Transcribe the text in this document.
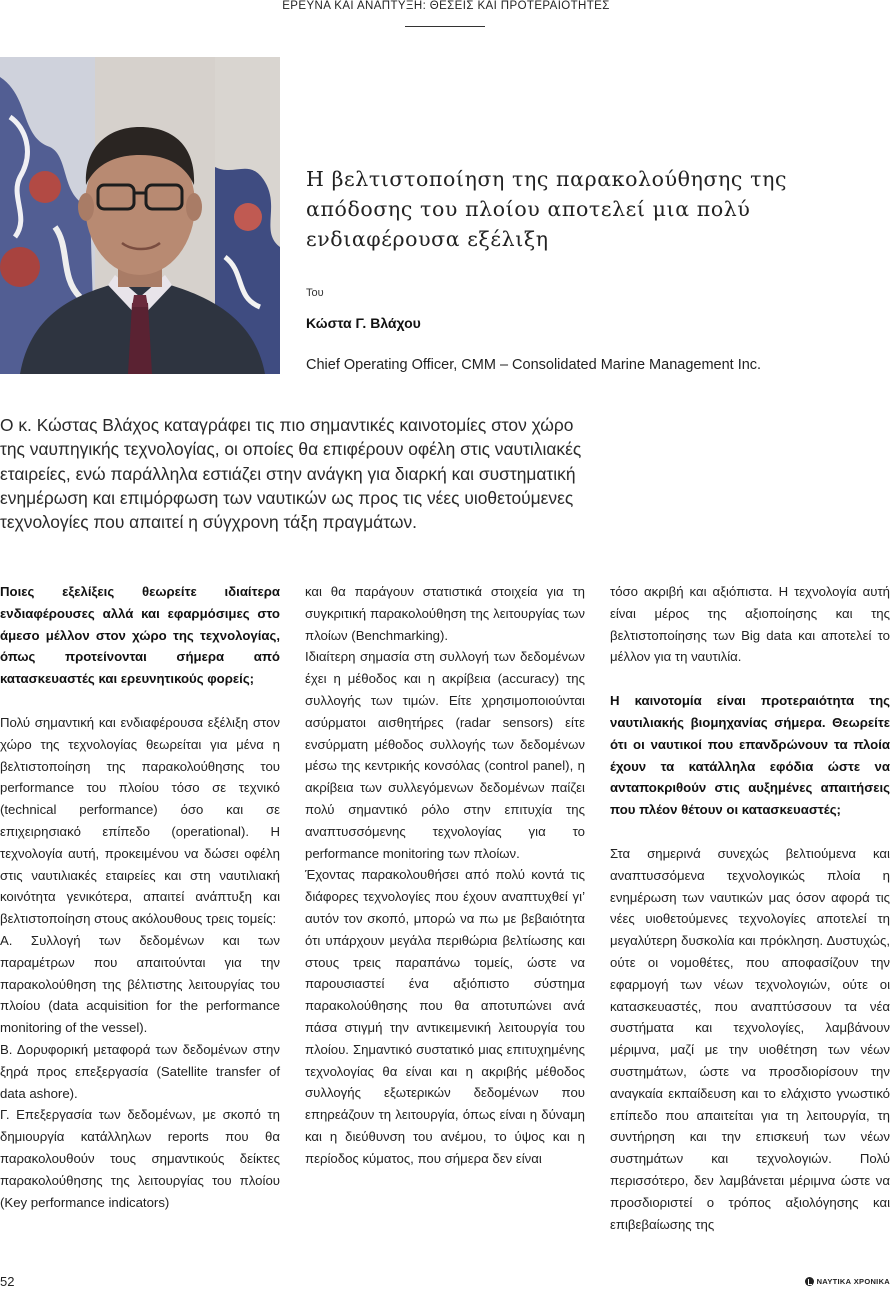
ΕΡΕΥΝΑ ΚΑΙ ΑΝΑΠΤΥΞΗ: ΘΕΣΕΙΣ ΚΑΙ ΠΡΟΤΕΡΑΙΟΤΗΤΕΣ
Η βελτιστοποίηση της παρακολούθησης της απόδοσης του πλοίου αποτελεί μια πολύ ενδιαφέρουσα εξέλιξη
Του
Κώστα Γ. Βλάχου
Chief Operating Officer, CMM – Consolidated Marine Management Inc.

Ο κ. Κώστας Βλάχος καταγράφει τις πιο σημαντικές καινοτομίες στον χώρο της ναυπηγικής τεχνολογίας, οι οποίες θα επιφέρουν οφέλη στις ναυτιλιακές εταιρείες, ενώ παράλληλα εστιάζει στην ανάγκη για διαρκή και συστηματική ενημέρωση και επιμόρφωση των ναυτικών ως προς τις νέες υιοθετούμενες τεχνολογίες που απαιτεί η σύγχρονη τάξη πραγμάτων.

Ποιες εξελίξεις θεωρείτε ιδιαίτερα ενδιαφέρουσες αλλά και εφαρμόσιμες στο άμεσο μέλλον στον χώρο της τεχνολογίας, όπως προτείνονται σήμερα από κατασκευαστές και ερευνητικούς φορείς;

Πολύ σημαντική και ενδιαφέρουσα εξέλιξη στον χώρο της τεχνολογίας θεωρείται για μένα η βελτιστοποίηση της παρακολούθησης του performance του πλοίου τόσο σε τεχνικό (technical performance) όσο και σε επιχειρησιακό επίπεδο (operational). Η τεχνολογία αυτή, προκειμένου να δώσει οφέλη στις ναυτιλιακές εταιρείες και στη ναυτιλιακή κοινότητα γενικότερα, απαιτεί ανάπτυξη και βελτιστοποίηση στους ακόλουθους τρεις τομείς:

Α. Συλλογή των δεδομένων και των παραμέτρων που απαιτούνται για την παρακολούθηση της βέλτιστης λειτουργίας του πλοίου (data acquisition for the performance monitoring of the vessel).

Β. Δορυφορική μεταφορά των δεδομένων στην ξηρά προς επεξεργασία (Satellite transfer of data ashore).

Γ. Επεξεργασία των δεδομένων, με σκοπό τη δημιουργία κατάλληλων reports που θα παρακολουθούν τους σημαντικούς δείκτες παρακολούθησης της λειτουργίας του πλοίου (Key performance indicators)

και θα παράγουν στατιστικά στοιχεία για τη συγκριτική παρακολούθηση της λειτουργίας των πλοίων (Benchmarking).

Ιδιαίτερη σημασία στη συλλογή των δεδομένων έχει η μέθοδος και η ακρίβεια (accuracy) της συλλογής των τιμών. Είτε χρησιμοποιούνται ασύρματοι αισθητήρες (radar sensors) είτε ενσύρματη μέθοδος συλλογής των δεδομένων μέσω της κεντρικής κονσόλας (control panel), η ακρίβεια των συλλεγόμενων δεδομένων παίζει πολύ σημαντικό ρόλο στην επιτυχία της αναπτυσσόμενης τεχνολογίας για το performance monitoring των πλοίων.

Έχοντας παρακολουθήσει από πολύ κοντά τις διάφορες τεχνολογίες που έχουν αναπτυχθεί γι’ αυτόν τον σκοπό, μπορώ να πω με βεβαιότητα ότι υπάρχουν μεγάλα περιθώρια βελτίωσης και στους τρεις παραπάνω τομείς, ώστε να παρουσιαστεί ένα αξιόπιστο σύστημα παρακολούθησης που θα αποτυπώνει ανά πάσα στιγμή την αντικειμενική λειτουργία του πλοίου. Σημαντικό συστατικό μιας επιτυχημένης τεχνολογίας θα είναι και η ακριβής μέθοδος συλλογής εξωτερικών δεδομένων που επηρεάζουν τη λειτουργία, όπως είναι η δύναμη και η διεύθυνση του ανέμου, το ύψος και η περίοδος κύματος, που σήμερα δεν είναι

τόσο ακριβή και αξιόπιστα. Η τεχνολογία αυτή είναι μέρος της αξιοποίησης και της βελτιστοποίησης των Big data και αποτελεί το μέλλον για τη ναυτιλία.

Η καινοτομία είναι προτεραιότητα της ναυτιλιακής βιομηχανίας σήμερα. Θεωρείτε ότι οι ναυτικοί που επανδρώνουν τα πλοία έχουν τα κατάλληλα εφόδια ώστε να ανταποκριθούν στις αυξημένες απαιτήσεις που πλέον θέτουν οι κατασκευαστές;

Στα σημερινά συνεχώς βελτιούμενα και αναπτυσσόμενα τεχνολογικώς πλοία η ενημέρωση των ναυτικών μας όσον αφορά τις νέες υιοθετούμενες τεχνολογίες αποτελεί τη μεγαλύτερη δυσκολία και πρόκληση. Δυστυχώς, ούτε οι νομοθέτες, που αποφασίζουν την εφαρμογή των νέων τεχνολογιών, ούτε οι κατασκευαστές, που αναπτύσσουν τα νέα συστήματα και τεχνολογίες, λαμβάνουν μέριμνα, μαζί με την υιοθέτηση των νέων συστημάτων, ώστε να προσδιορίσουν την αναγκαία εκπαίδευση και το ελάχιστο γνωστικό επίπεδο που απαιτείται για τη λειτουργία, τη συντήρηση και την επισκευή των νέων συστημάτων και τεχνολογιών. Πολύ περισσότερο, δεν λαμβάνεται μέριμνα ώστε να προσδιοριστεί ο τρόπος αξιολόγησης και επιβεβαίωσης της

52	ΝΑΥΤΙΚΑ ΧΡΟΝΙΚΑ
